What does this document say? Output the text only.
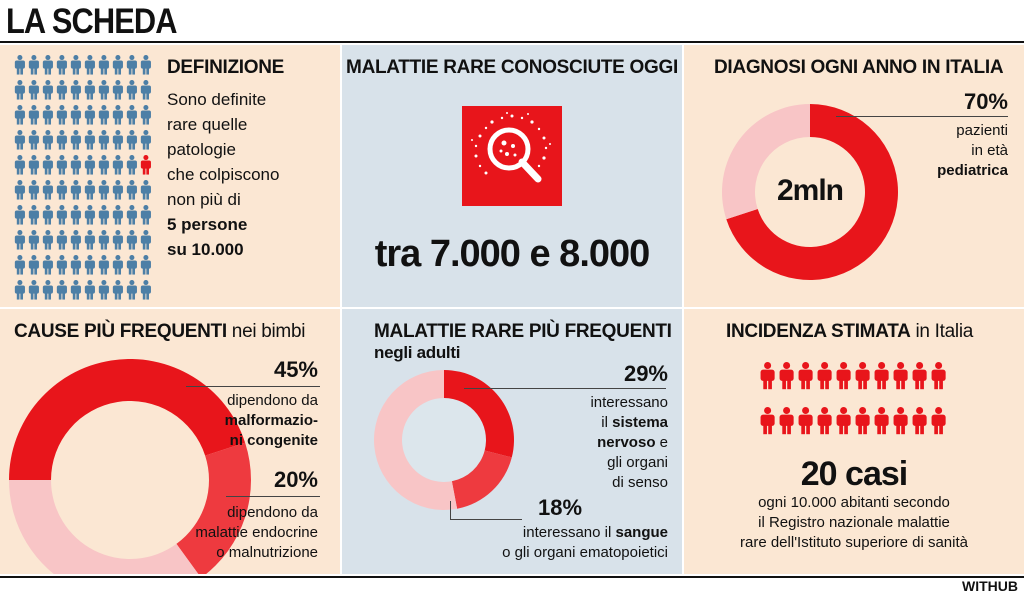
LA SCHEDA
DEFINIZIONE
Sono definite
rare quelle
patologie
che colpiscono
non più di
5 persone
su 10.000
MALATTIE RARE CONOSCIUTE OGGI
tra 7.000 e 8.000
DIAGNOSI OGNI ANNO IN ITALIA
2mln
70%
pazienti
in età
pediatrica
CAUSE PIÙ FREQUENTI nei bimbi
45%
dipendono da
malformazio-
ni congenite
20%
dipendono da
malattie endocrine
o malnutrizione
MALATTIE RARE PIÙ FREQUENTI
negli adulti
29%
interessano
il sistema
nervoso e
gli organi
di senso
18%
interessano il sangue
o gli organi ematopoietici
INCIDENZA STIMATA in Italia
20 casi
ogni 10.000 abitanti secondo
il Registro nazionale malattie
rare dell'Istituto superiore di sanità
WITHUB
